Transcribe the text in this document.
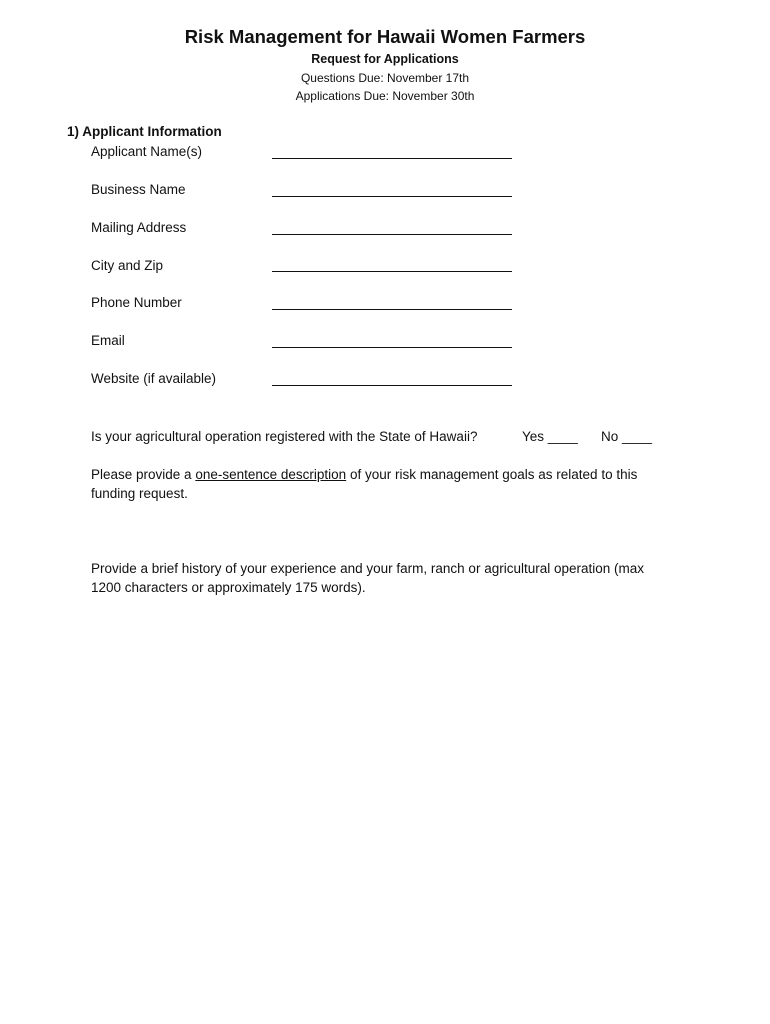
Risk Management for Hawaii Women Farmers
Request for Applications
Questions Due: November 17th
Applications Due: November 30th
1) Applicant Information
Applicant Name(s)
Business Name
Mailing Address
City and Zip
Phone Number
Email
Website (if available)
Is your agricultural operation registered with the State of Hawaii?	Yes ____ No ____
Please provide a one-sentence description of your risk management goals as related to this funding request.
Provide a brief history of your experience and your farm, ranch or agricultural operation (max 1200 characters or approximately 175 words).
